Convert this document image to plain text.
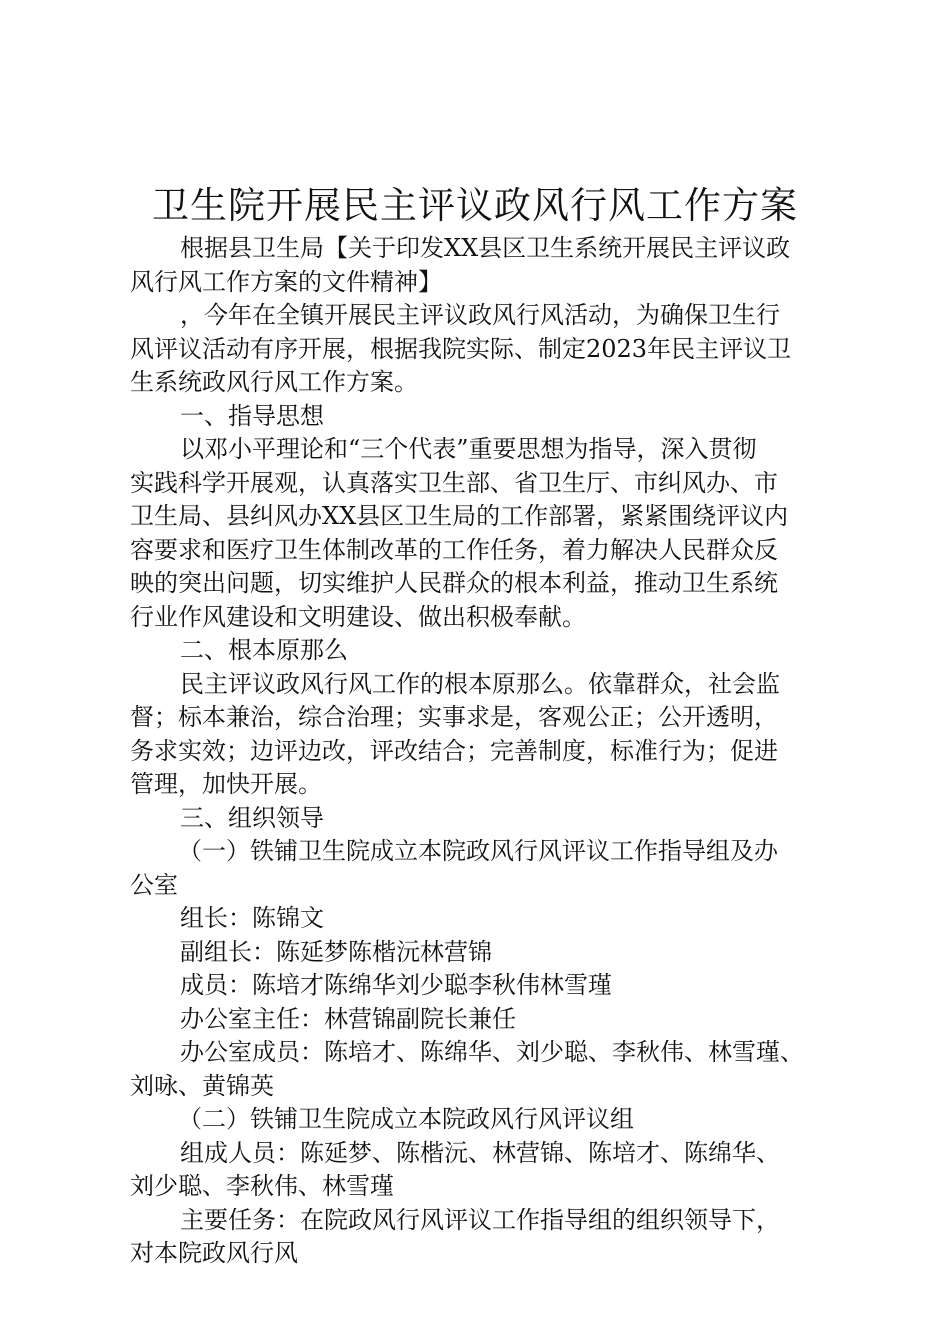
卫生院开展民主评议政风行风工作方案
根据县卫生局【关于印发XX县区卫生系统开展民主评议政
风行风工作方案的文件精神】
，今年在全镇开展民主评议政风行风活动，为确保卫生行
风评议活动有序开展，根据我院实际、制定2023年民主评议卫
生系统政风行风工作方案。
一、指导思想
以邓小平理论和“三个代表”重要思想为指导，深入贯彻
实践科学开展观，认真落实卫生部、省卫生厅、市纠风办、市
卫生局、县纠风办XX县区卫生局的工作部署，紧紧围绕评议内
容要求和医疗卫生体制改革的工作任务，着力解决人民群众反
映的突出问题，切实维护人民群众的根本利益，推动卫生系统
行业作风建设和文明建设、做出积极奉献。
二、根本原那么
民主评议政风行风工作的根本原那么。依靠群众，社会监
督；标本兼治，综合治理；实事求是，客观公正；公开透明，
务求实效；边评边改，评改结合；完善制度，标准行为；促进
管理，加快开展。
三、组织领导
（一）铁铺卫生院成立本院政风行风评议工作指导组及办
公室
组长：陈锦文
副组长：陈延梦陈楷沅林营锦
成员：陈培才陈绵华刘少聪李秋伟林雪瑾
办公室主任：林营锦副院长兼任
办公室成员：陈培才、陈绵华、刘少聪、李秋伟、林雪瑾、
刘咏、黄锦英
（二）铁铺卫生院成立本院政风行风评议组
组成人员：陈延梦、陈楷沅、林营锦、陈培才、陈绵华、
刘少聪、李秋伟、林雪瑾
主要任务：在院政风行风评议工作指导组的组织领导下，
对本院政风行风
